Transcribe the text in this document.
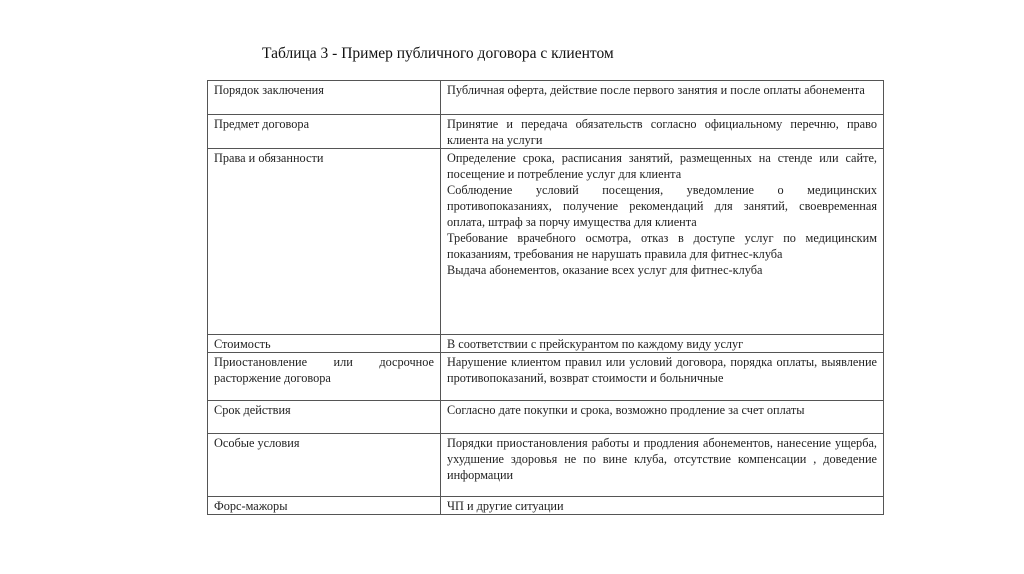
Таблица 3 - Пример публичного договора с клиентом
Порядок заключения	Публичная оферта, действие после первого занятия и после оплаты абонемента

Предмет договора	Принятие и передача обязательств согласно официальному перечню, право клиента на услуги

Права и обязанности	Определение срока, расписания занятий, размещенных на стенде или сайте, посещение и потребление услуг для клиента

Соблюдение условий посещения, уведомление о медицинских противопоказаниях, получение рекомендаций для занятий, своевременная оплата, штраф за порчу имущества для клиента

Требование врачебного осмотра, отказ в доступе услуг по медицинским показаниям, требования не нарушать правила для фитнес-клуба

Выдача абонементов, оказание всех услуг для фитнес-клуба

Стоимость	В соответствии с прейскурантом по каждому виду услуг

Приостановление или досрочное расторжение договора	Нарушение клиентом правил или условий договора, порядка оплаты, выявление противопоказаний, возврат стоимости и больничные

Срок действия	Согласно дате покупки и срока, возможно продление за счет оплаты

Особые условия	Порядки приостановления работы и продления абонементов, нанесение ущерба, ухудшение здоровья не по вине клуба, отсутствие компенсации , доведение информации

Форс-мажоры	ЧП и другие ситуации
